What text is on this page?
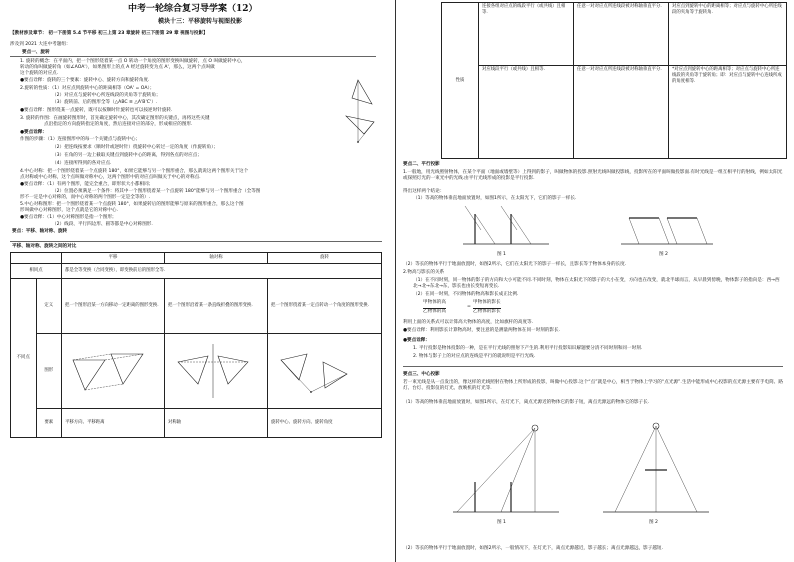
中考一轮综合复习导学案（12）
模块十三：平移旋转与视图投影
【教材涉及章节： 初一下册第 5.4 节平移 初三上第 23 章旋转 初三下册第 29 章 视图与投影】
涉及到 2021 大连中考题组：
要点一、旋转
1. 旋转的概念：在平面内，把一个图形绕着某一点 O 转动一个角度的图形变换叫做旋转，点 O 叫做旋转中心，
转动的角叫做旋转角（如∠AOA'），如果图形上的点 A 经过旋转变为点 A'，那么，这两个点叫做
这个旋转的对应点.
●要点诠释：旋转的三个要素：旋转中心、旋转方向和旋转角度.
2.旋转的性质：（1）对应点到旋转中心的距离相等（OA' = OA）；
（2）对应点与旋转中心所连线段的夹角等于旋转角；
（3）旋转前、后的图形全等（△ABC ≌ △A'B'C'）.
●要点诠释：图形绕某一点旋转，既可以按顺时针旋转也可以按逆时针旋转.
3. 旋转的作图：在画旋转图形时，首先确定旋转中心，其次确定图形的关键点，再将这些关键
点沿指定的方向旋转指定的角度，然后连接对应的部分，形成相应的图形.
●要点诠释：
作图的步骤：（1）连接图形中的每一个关键点与旋转中心；
（2）把连线按要求（顺时针或逆时针）绕旋转中心转过一定的角度（作旋转角）；
（3）在角的另一边上截取关键点到旋转中心的距离，得到各点的对应点；
（4）连接所得到的各对应点.
4.中心对称：把一个图形绕着某一个点旋转 180°，如果它能够与另一个图形重合，那么就说这两个图形关于这个
点对称或中心对称，这个点叫做对称中心，这两个图形中的对应点叫做关于中心的对称点.
●要点诠释：（1）有两个图形，能完全重合，即形状大小都相同；
（2）位置必须满足一个条件：将其中一个图形绕着某一个点旋转 180°能够与另一个图形重合（全等图
形不一定是中心对称的，而中心对称的两个图形一定是全等的）.
5.中心对称图形：把一个图形绕着某一个点旋转 180°，如果旋转后的图形能够与原来的图形重合，那么这个图
形叫做中心对称图形，这个点就是它的对称中心.
●要点诠释：（1）中心对称图形是指一个图形；
（2）线段、平行四边形、圆等都是中心对称图形.
要点：平移、轴对称、旋转
平移、轴对称、旋转之间的对比
		平移	轴对称	旋转
相同点		都是全等变换（合同变换），即变换前后的图形全等.		
不同点	定义	把一个图形沿某一方向移动一定距离的图形变换.	把一个图形沿着某一条直线折叠的图形变换.	把一个图形绕着某一定点转动一个角度的图形变换.
	图形			
	要素	平移方向、平移距离	对称轴	旋转中心、旋转方向、旋转角度
性质	连接各组对应点的线段平行（或共线）且相等.	任意一对对应点所连线段被对称轴垂直平分.	对应点到旋转中心的距离相等；对应点与旋转中心所连线段的夹角等于旋转角.
	对应线段平行（或共线）且相等.	任意一对对应点所连线段被对称轴垂直平分.	*对应点到旋转中心的距离相等；对应点与旋转中心所连线段的夹角等于旋转角；即：对应点与旋转中心连线所成的角度相等.
要点二、平行投影
1.一般地，用光线照射物体，在某个平面（地面或墙壁等）上得到的影子，叫做物体的投影.照射光线叫做投影线，投影所在的平面叫做投影面.有时光线是一组互相平行的射线，例如太阳光或探照灯光的一束光中的光线.由平行光线形成的投影是平行投影.
得出这样两个结论：
（1）等高的物体垂直地面放置时，如图1所示，在太阳光下，它们的影子一样长.
图 1	图 2
（2）等长的物体平行于地面放置时，如图2所示，它们在太阳光下的影子一样长，且影长等于物体本身的长度.
2.物高与影长的关系
（1）在不同时刻，同一物体的影子的方向和大小可能不同.不同时刻，物体在太阳光下的影子的大小在变，方向也在改变，就北半球而言，从早晨到傍晚，物体影子的指向是：西→西北→北→东北→东，影长也由长变短再变长.
（2）在同一时刻，不同物体的物高和影长成正比例.
甲物体的高
乙物体的高
=
甲物体的影长
乙物体的影长
利用上面的关系式可以计算高大物体的高度，比如旗杆的高度等.
●要点诠释：利用影长计算物高时，要注意的是测量两物体在同一时刻的影长.
●要点诠释：
1. 平行投影是物体投影的一种，是在平行光线的照射下产生的.利用平行投影知识解题要分清不同时刻和同一时刻.
2. 物体与影子上的对应点的连线是平行的就说明是平行光线.
要点三、中心投影
若一束光线是从一点发出的，像这样的光线照射在物体上所形成的投影，叫做中心投影.这个“点”就是中心，相当于物体上学习的“点光源”.生活中能形成中心投影的点光源主要有手电筒、路灯、台灯、投影仪的灯光、放映机的灯光等.
（1）等高的物体垂直地面放置时，如图1所示，在灯光下，离点光源近的物体它的影子短，离点光源远的物体它的影子长.
图 1	图 2
（2）等长的物体平行于地面放置时，如图2所示，一般情况下，在灯光下，离点光源越近，影子越长；离点光源越远，影子越短.
